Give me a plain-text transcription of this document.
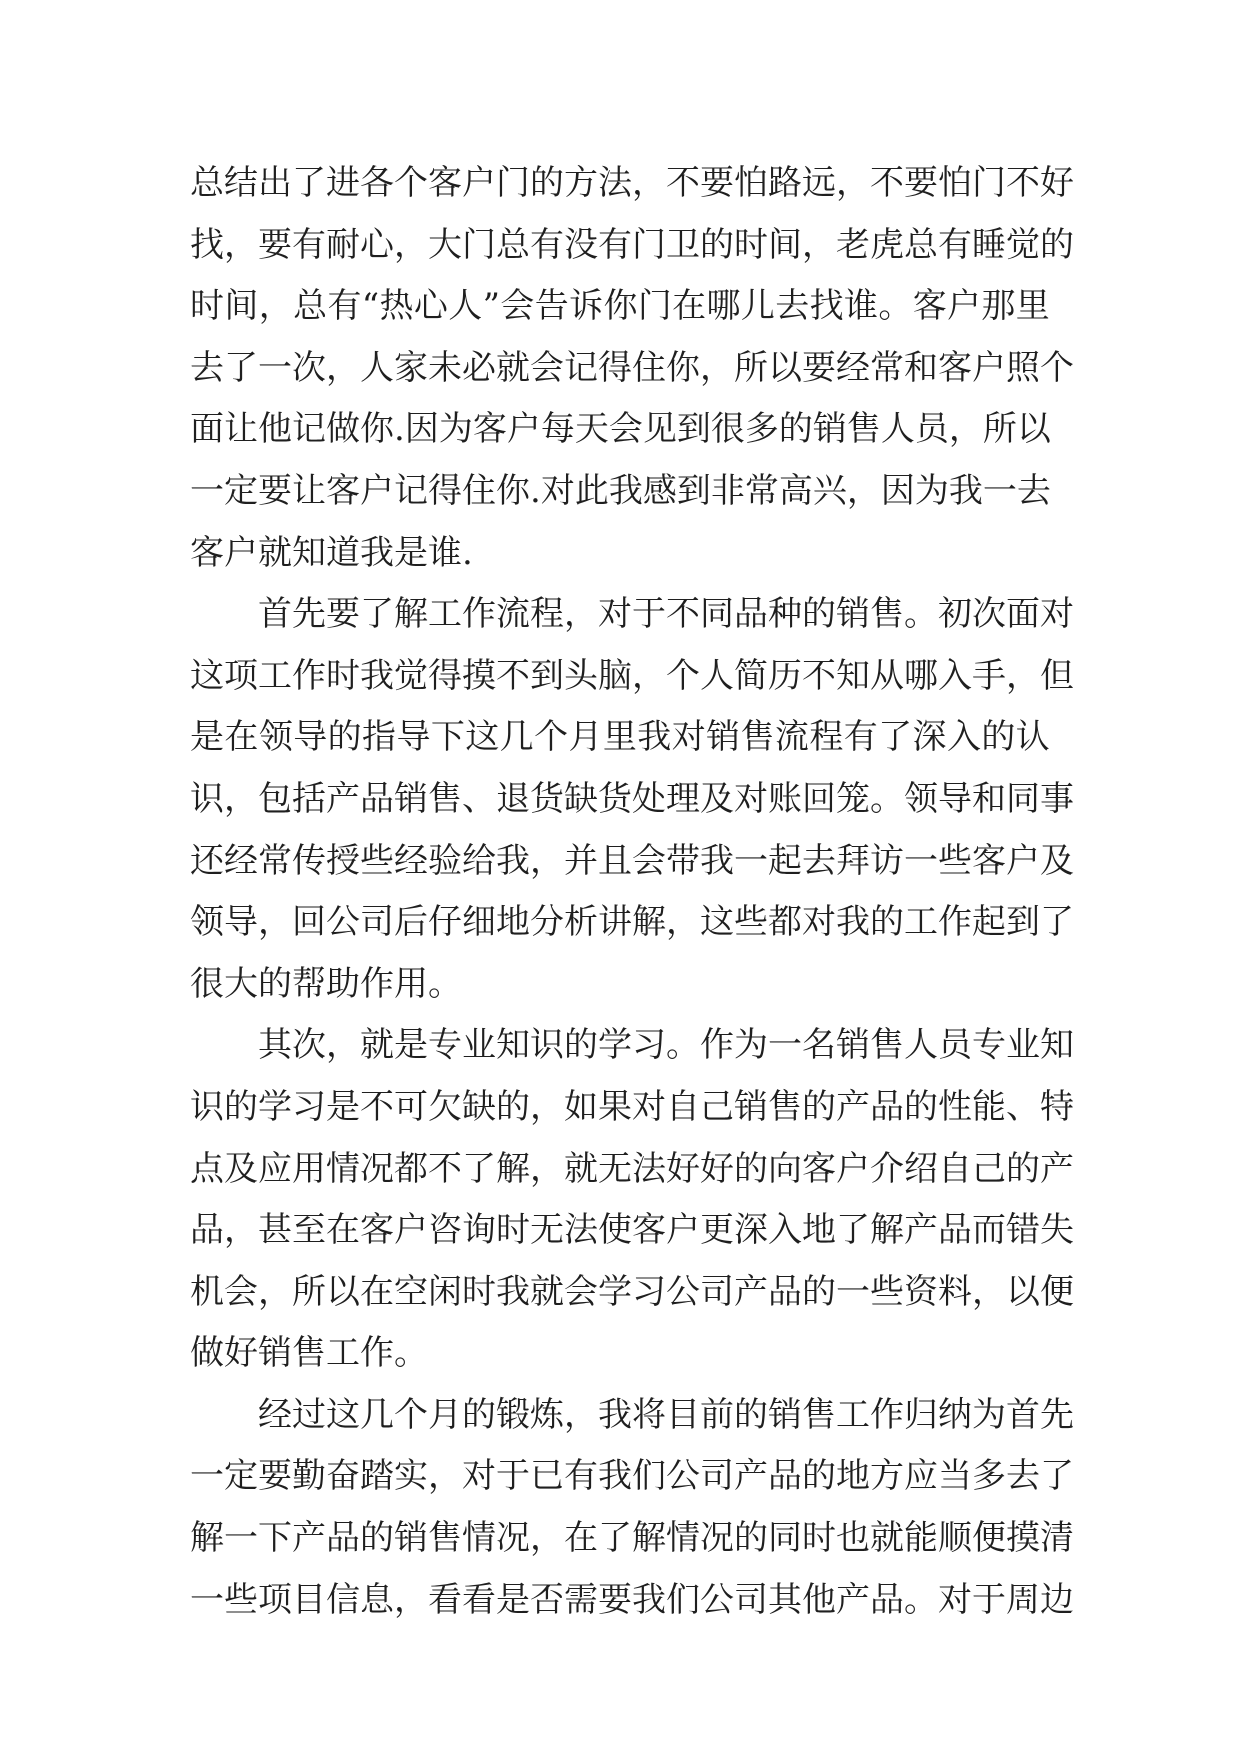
总 结 出 了 进 各 个 客 户 门 的 方 法 ， 不 要 怕 路 远 ， 不 要 怕 门 不 好
找 ， 要 有 耐 心 ， 大 门 总 有 没 有 门 卫 的 时 间 ， 老 虎 总 有 睡 觉 的
时 间 ， 总 有 “ 热 心 人 ” 会 告 诉 你 门 在 哪 儿 去 找 谁 。 客 户 那 里
去 了 一 次 ， 人 家 未 必 就 会 记 得 住 你 ， 所 以 要 经 常 和 客 户 照 个
面 让 他 记 做 你 . 因 为 客 户 每 天 会 见 到 很 多 的 销 售 人 员 ， 所 以
一 定 要 让 客 户 记 得 住 你 . 对 此 我 感 到 非 常 高 兴 ， 因 为 我 一 去
客户就知道我是谁.
首 先 要 了 解 工 作 流 程 ， 对 于 不 同 品 种 的 销 售 。 初 次 面 对
这 项 工 作 时 我 觉 得 摸 不 到 头 脑 ， 个 人 简 历 不 知 从 哪 入 手 ， 但
是 在 领 导 的 指 导 下 这 几 个 月 里 我 对 销 售 流 程 有 了 深 入 的 认
识 ， 包 括 产 品 销 售 、 退 货 缺 货 处 理 及 对 账 回 笼 。 领 导 和 同 事
还 经 常 传 授 些 经 验 给 我 ， 并 且 会 带 我 一 起 去 拜 访 一 些 客 户 及
领 导 ， 回 公 司 后 仔 细 地 分 析 讲 解 ， 这 些 都 对 我 的 工 作 起 到 了
很大的帮助作用。
其 次 ， 就 是 专 业 知 识 的 学 习 。 作 为 一 名 销 售 人 员 专 业 知
识 的 学 习 是 不 可 欠 缺 的 ， 如 果 对 自 己 销 售 的 产 品 的 性 能 、 特
点 及 应 用 情 况 都 不 了 解 ， 就 无 法 好 好 的 向 客 户 介 绍 自 己 的 产
品 ， 甚 至 在 客 户 咨 询 时 无 法 使 客 户 更 深 入 地 了 解 产 品 而 错 失
机 会 ， 所 以 在 空 闲 时 我 就 会 学 习 公 司 产 品 的 一 些 资 料 ， 以 便
做好销售工作。
经 过 这 几 个 月 的 锻 炼 ， 我 将 目 前 的 销 售 工 作 归 纳 为 首 先
一 定 要 勤 奋 踏 实 ， 对 于 已 有 我 们 公 司 产 品 的 地 方 应 当 多 去 了
解 一 下 产 品 的 销 售 情 况 ， 在 了 解 情 况 的 同 时 也 就 能 顺 便 摸 清
一 些 项 目 信 息 ， 看 看 是 否 需 要 我 们 公 司 其 他 产 品 。 对 于 周 边
